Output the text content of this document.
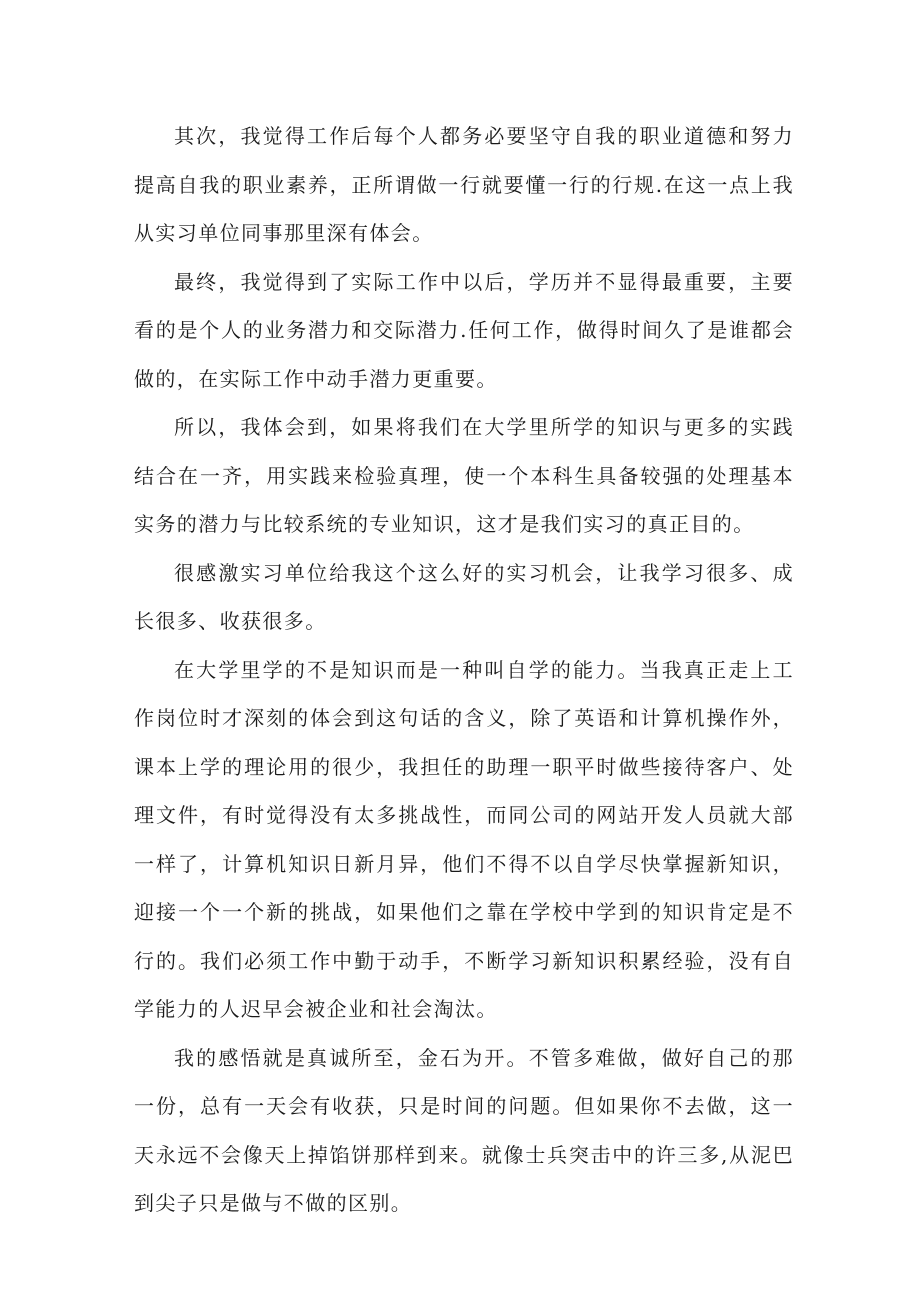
其次，我觉得工作后每个人都务必要坚守自我的职业道德和努力提高自我的职业素养，正所谓做一行就要懂一行的行规.在这一点上我从实习单位同事那里深有体会。

最终，我觉得到了实际工作中以后，学历并不显得最重要，主要看的是个人的业务潜力和交际潜力.任何工作，做得时间久了是谁都会做的，在实际工作中动手潜力更重要。

所以，我体会到，如果将我们在大学里所学的知识与更多的实践结合在一齐，用实践来检验真理，使一个本科生具备较强的处理基本实务的潜力与比较系统的专业知识，这才是我们实习的真正目的。

很感激实习单位给我这个这么好的实习机会，让我学习很多、成长很多、收获很多。

在大学里学的不是知识而是一种叫自学的能力。当我真正走上工作岗位时才深刻的体会到这句话的含义，除了英语和计算机操作外，课本上学的理论用的很少，我担任的助理一职平时做些接待客户、处理文件，有时觉得没有太多挑战性，而同公司的网站开发人员就大部一样了，计算机知识日新月异，他们不得不以自学尽快掌握新知识，迎接一个一个新的挑战，如果他们之靠在学校中学到的知识肯定是不行的。我们必须工作中勤于动手，不断学习新知识积累经验，没有自学能力的人迟早会被企业和社会淘汰。

我的感悟就是真诚所至，金石为开。不管多难做，做好自己的那一份，总有一天会有收获，只是时间的问题。但如果你不去做，这一天永远不会像天上掉馅饼那样到来。就像士兵突击中的许三多,从泥巴到尖子只是做与不做的区别。
